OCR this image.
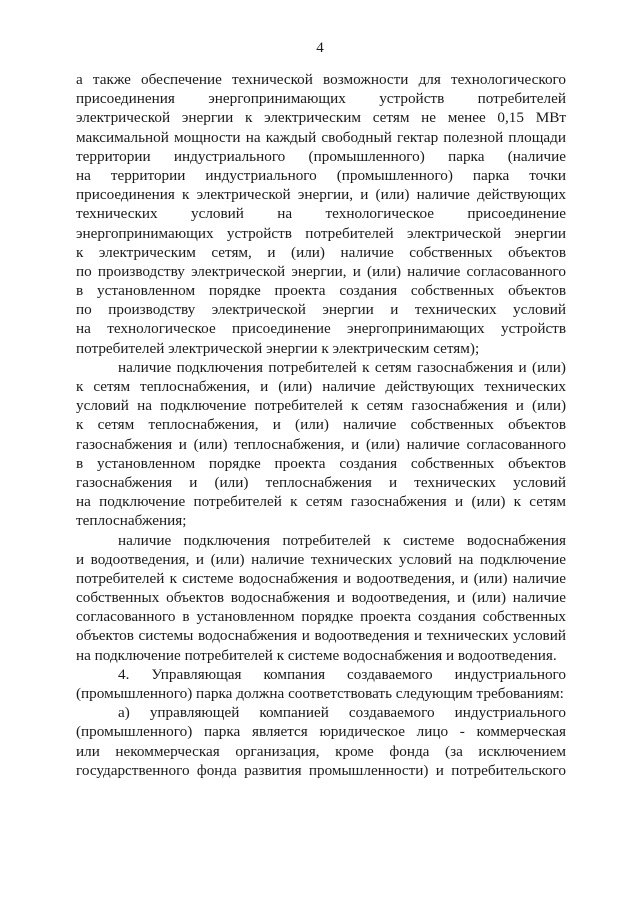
4
а также обеспечение технической возможности для технологического
присоединения энергопринимающих устройств потребителей
электрической энергии к электрическим сетям не менее 0,15 МВт
максимальной мощности на каждый свободный гектар полезной площади
территории индустриального (промышленного) парка (наличие
на территории индустриального (промышленного) парка точки
присоединения к электрической энергии, и (или) наличие действующих
технических условий на технологическое присоединение
энергопринимающих устройств потребителей электрической энергии
к электрическим сетям, и (или) наличие собственных объектов
по производству электрической энергии, и (или) наличие согласованного
в установленном порядке проекта создания собственных объектов
по производству электрической энергии и технических условий
на технологическое присоединение энергопринимающих устройств
потребителей электрической энергии к электрическим сетям);
наличие подключения потребителей к сетям газоснабжения и (или)
к сетям теплоснабжения, и (или) наличие действующих технических
условий на подключение потребителей к сетям газоснабжения и (или)
к сетям теплоснабжения, и (или) наличие собственных объектов
газоснабжения и (или) теплоснабжения, и (или) наличие согласованного
в установленном порядке проекта создания собственных объектов
газоснабжения и (или) теплоснабжения и технических условий
на подключение потребителей к сетям газоснабжения и (или) к сетям
теплоснабжения;
наличие подключения потребителей к системе водоснабжения
и водоотведения, и (или) наличие технических условий на подключение
потребителей к системе водоснабжения и водоотведения, и (или) наличие
собственных объектов водоснабжения и водоотведения, и (или) наличие
согласованного в установленном порядке проекта создания собственных
объектов системы водоснабжения и водоотведения и технических условий
на подключение потребителей к системе водоснабжения и водоотведения.
4. Управляющая компания создаваемого индустриального
(промышленного) парка должна соответствовать следующим требованиям:
а) управляющей компанией создаваемого индустриального
(промышленного) парка является юридическое лицо - коммерческая
или некоммерческая организация, кроме фонда (за исключением
государственного фонда развития промышленности) и потребительского
